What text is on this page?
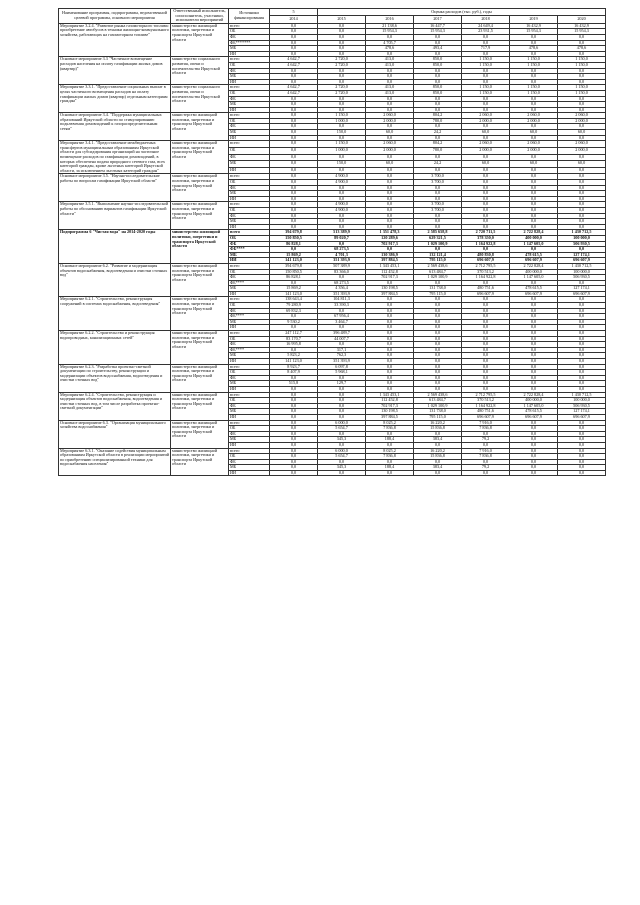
Наименование программы, подпрограммы, ведомственной целевой программы, основного мероприятия	Ответственный исполнитель, соисполнитель, участники, исполнители мероприятий	Источники финансирования	5	Оценка расходов (тыс. руб.), годы					
			2014	2015	2016	2017	2018	2019	2020
Мероприятие 3.2.4. "Развитие рынка газомоторного топлива: приобретение автобусов в техники жилищно-коммунального хозяйства, работающих на газомоторном топливе"	министерство жилищной политики, энергетики и транспорта Иркутской области	всего	0,0	0,0	21 138,6	16 447,7	24 649,4	16 432,9	16 432,9
		ОБ	0,0	0,0	15 954,3	15 954,3	23 931,5	15 954,3	15 954,3
		ФБ	0,0	0,0	0,0	0,0	0,0	0,0	0,0
		ФБ*******	0,0	0,0	4 705,7	0,0	0,0	0,0	0,0
		МБ	0,0	0,0	478,6	493,4	717,9	478,6	478,6
		ИИ	0,0	0,0	0,0	0,0	0,0	0,0	0,0
Основное мероприятие 3.3 "Частичное возмещение расходов населения на оплату газификации жилых домов (квартир)"	министерство социального развития, опеки и попечительства Иркутской области	всего	4 642,7	2 720,0	413,0	850,0	1 150,0	1 150,0	1 150,0
		ОБ	4 642,7	2 720,0	413,0	850,0	1 150,0	1 150,0	1 150,0
		ФБ	0,0	0,0	0,0	0,0	0,0	0,0	0,0
		МБ	0,0	0,0	0,0	0,0	0,0	0,0	0,0
		ИИ	0,0	0,0	0,0	0,0	0,0	0,0	0,0
Мероприятие 3.3.1. "Предоставление социальных выплат в целях частичного возмещения расходов на оплату газификации жилых домов (квартир) отдельным категориям граждан"	министерство социального развития, опеки и попечительства Иркутской области	всего	4 642,7	2 720,0	413,0	850,0	1 150,0	1 150,0	1 150,0
		ОБ	4 642,7	2 720,0	413,0	850,0	1 150,0	1 150,0	1 150,0
		ФБ	0,0	0,0	0,0	0,0	0,0	0,0	0,0
		МБ	0,0	0,0	0,0	0,0	0,0	0,0	0,0
		ИИ	0,0	0,0	0,0	0,0	0,0	0,0	0,0
Основное мероприятие 3.4. "Поддержка муниципальных образований Иркутской области по стимулированию подключения домовладений к газораспределительным сетям"	министерство жилищной политики, энергетики и транспорта Иркутской области	всего	0,0	1 150,0	2 060,0	804,2	2 060,0	2 060,0	2 060,0
		ОБ	0,0	1 000,0	2 000,0	780,0	2 000,0	2 000,0	2 000,0
		ФБ	0,0	0,0	0,0	0,0	0,0	0,0	0,0
		МБ	0,0	150,0	60,0	24,2	60,0	60,0	60,0
		ИИ	0,0	0,0	0,0	0,0	0,0	0,0	0,0
Мероприятие 3.4.1. "Предоставление межбюджетных трансфертов муниципальным образованиям Иркутской области для субсидирования организаций на частичное возмещение расходов по газификации домовладений, в которых обеспечена подача природного сетевого газа, всех категорий граждан, кроме льготных категорий Иркутской области, за исключением льготных категорий граждан"	министерство жилищной политики, энергетики и транспорта Иркутской области	всего	0,0	1 150,0	2 060,0	804,2	2 060,0	2 060,0	2 060,0
		ОБ	0,0	1 000,0	2 000,0	780,0	2 000,0	2 000,0	2 000,0
		ФБ	0,0	0,0	0,0	0,0	0,0	0,0	0,0
		МБ	0,0	150,0	60,0	24,2	60,0	60,0	60,0
		ИИ	0,0	0,0	0,0	0,0	0,0	0,0	0,0
Основное мероприятие 3.5. "Научно-исследовательские работы по вопросам газификации Иркутской области"	министерство жилищной политики, энергетики и транспорта Иркутской области	всего	0,0	4 900,0	0,0	3 700,0	0,0	0,0	0,0
		ОБ	0,0	4 900,0	0,0	3 700,0	0,0	0,0	0,0
		ФБ	0,0	0,0	0,0	0,0	0,0	0,0	0,0
		МБ	0,0	0,0	0,0	0,0	0,0	0,0	0,0
		ИИ	0,0	0,0	0,0	0,0	0,0	0,0	0,0
Мероприятие 3.5.1. "Выполнение научно-исследовательской работы по обоснованию вариантов газификации Иркутской области"	министерство жилищной политики, энергетики и транспорта Иркутской области	всего	0,0	4 900,0	0,0	3 700,0	0,0	0,0	0,0
		ОБ	0,0	4 900,0	0,0	3 700,0	0,0	0,0	0,0
		ФБ	0,0	0,0	0,0	0,0	0,0	0,0	0,0
		МБ	0,0	0,0	0,0	0,0	0,0	0,0	0,0
		ИИ	0,0	0,0	0,0	0,0	0,0	0,0	0,0
Подпрограмма 6 "Чистая вода" на 2014-2020 годы	министерство жилищной политики, энергетики и транспорта Иркутской области	всего	394 679,8	513 389,9	1 351 478,3	2 585 658,8	2 720 711,5	2 722 828,4	1 430 712,5
		ОБ	150 850,5	89 020,7	120 289,6	629 321,5	378 350,0	400 000,0	100 000,0
		ФБ	86 828,1	0,0	702 917,3	1 029 100,9	1 164 922,8	1 147 605,0	506 930,5
		ФБ****	0,0	68 273,5	0,0	0,0	0,0	0,0	0,0
		МБ	15 869,2	4 701,3	130 386,9	132 121,4	480 830,8	478 615,5	127 174,1
		ИИ	141 123,0	351 393,9	397 884,5	795 115,0	696 607,9	696 607,9	696 607,9
Основное мероприятие 6.2. "Развитие и модернизация объектов водоснабжения, водоотведения и очистки сточных вод"	министерство жилищной политики, энергетики и транспорта Иркутской области	всего	394 679,8	507 389,9	1 343 453,1	2 569 438,6	2 712 795,5	2 722 828,4	1 430 712,5
		ОБ	150 850,5	83 366,0	112 452,8	613 484,7	370 513,2	400 000,0	100 000,0
		ФБ	86 828,1	0,0	702 917,3	1 029 100,9	1 164 922,8	1 147 605,0	506 930,5
		ФБ****	0,0	68 273,5	0,0	0,0	0,0	0,0	0,0
		МБ	15 869,2	4 356,4	130 198,5	131 738,0	480 751,6	478 615,5	127 174,1
		ИИ	141 123,0	351 393,9	397 884,5	795 115,0	696 607,9	696 607,9	696 607,9
Мероприятие 6.2.1. "Строительство, реконструкция сооружений в системах водоснабжения, водоотведения"	министерство жилищной политики, энергетики и транспорта Иркутской области	всего	138 643,4	104 811,3	0,0	0,0	0,0	0,0	0,0
		ОБ	79 280,9	33 390,3	0,0	0,0	0,0	0,0	0,0
		ФБ	69 832,3	0,0	0,0	0,0	0,0	0,0	0,0
		ФБ****	0,0	67 956,4	0,0	0,0	0,0	0,0	0,0
		МБ	9 530,2	3 464,7	0,0	0,0	0,0	0,0	0,0
		ИИ	0,0	0,0	0,0	0,0	0,0	0,0	0,0
Мероприятие 6.2.2. "Строительство и реконструкция водопроводных, канализационных сетей"	министерство жилищной политики, энергетики и транспорта Иркутской области	всего	247 112,7	396 489,7	0,0	0,0	0,0	0,0	0,0
		ОБ	83 170,7	44 007,7	0,0	0,0	0,0	0,0	0,0
		ФБ	16 995,8	0,0	0,0	0,0	0,0	0,0	0,0
		ФБ****	0,0	317,1	0,0	0,0	0,0	0,0	0,0
		МБ	5 823,2	762,3	0,0	0,0	0,0	0,0	0,0
		ИИ	141 123,0	351 393,9	0,0	0,0	0,0	0,0	0,0
Мероприятие 6.2.3. "Разработка проектно-сметной документации по строительству, реконструкции и модернизации объектов водоснабжения, водоотведения и очистки сточных вод"	министерство жилищной политики, энергетики и транспорта Иркутской области	всего	8 923,7	6 097,8	0,0	0,0	0,0	0,0	0,0
		ОБ	8 407,9	5 968,1	0,0	0,0	0,0	0,0	0,0
		ФБ	0,0	0,0	0,0	0,0	0,0	0,0	0,0
		МБ	515,8	129,7	0,0	0,0	0,0	0,0	0,0
		ИИ	0,0	0,0	0,0	0,0	0,0	0,0	0,0
Мероприятие 6.2.4. "Строительство, реконструкция и модернизация объектов водоснабжения, водоотведения и очистки сточных вод, в том числе разработка проектно-сметной документации"	министерство жилищной политики, энергетики и транспорта Иркутской области	всего	0,0	0,0	1 343 453,1	2 569 438,6	2 712 795,5	2 722 828,4	1 430 712,5
		ОБ	0,0	0,0	112 452,8	613 484,7	370 513,2	400 000,0	100 000,0
		ФБ	0,0	0,0	702 917,3	1 029 100,9	1 164 922,8	1 147 605,0	506 930,5
		МБ	0,0	0,0	130 198,5	131 738,0	480 751,6	478 615,5	127 174,1
		ИИ	0,0	0,0	397 884,5	795 115,0	696 607,9	696 607,9	696 607,9
Основное мероприятие 6.3. "Организация муниципального хозяйства водоснабжения"	министерство жилищной политики, энергетики и транспорта Иркутской области	всего	0,0	6 000,0	8 025,2	16 220,2	7 916,0	0,0	0,0
		ОБ	0,0	5 654,7	7 836,8	15 836,8	7 836,8	0,0	0,0
		ФБ	0,0	0,0	0,0	0,0	0,0	0,0	0,0
		МБ	0,0	345,3	188,4	383,4	79,2	0,0	0,0
		ИИ	0,0	0,0	0,0	0,0	0,0	0,0	0,0
Мероприятие 6.3.1. "Оказание содействия муниципальным образованиям Иркутской области в реализации мероприятий по приобретению специализированной техники для водоснабжения населения"	министерство жилищной политики, энергетики и транспорта Иркутской области	всего	0,0	6 000,0	8 025,2	16 220,2	7 916,0	0,0	0,0
		ОБ	0,0	5 654,7	7 836,8	15 836,8	7 836,8	0,0	0,0
		ФБ	0,0	0,0	0,0	0,0	0,0	0,0	0,0
		МБ	0,0	345,3	188,4	383,4	79,2	0,0	0,0
		ИИ	0,0	0,0	0,0	0,0	0,0	0,0	0,0
